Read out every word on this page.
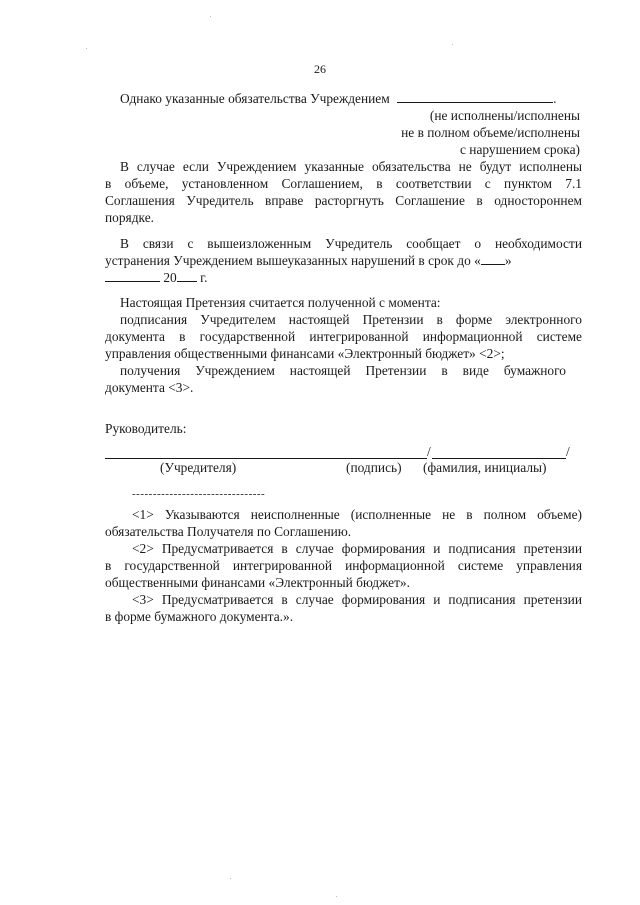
26
Однако указанные обязательства Учреждением	.
(не исполнены/исполнены
не в полном объеме/исполнены
с нарушением срока)
В случае если Учреждением указанные обязательства не будут исполнены
в объеме, установленном Соглашением, в соответствии с пунктом 7.1
Соглашения Учредитель вправе расторгнуть Соглашение в одностороннем
порядке.
В связи с вышеизложенным Учредитель сообщает о необходимости
устранения Учреждением вышеуказанных нарушений в срок до « »
20 г.
Настоящая Претензия считается полученной с момента:
подписания Учредителем настоящей Претензии в форме электронного
документа в государственной интегрированной информационной системе
управления общественными финансами «Электронный бюджет» <2>;
получения Учреждением настоящей Претензии в виде бумажного
документа <3>.
Руководитель:
/	/
(Учредителя)	(подпись) (фамилия, инициалы)
--------------------------------
<1> Указываются неисполненные (исполненные не в полном объеме)
обязательства Получателя по Соглашению.
<2> Предусматривается в случае формирования и подписания претензии
в государственной интегрированной информационной системе управления
общественными финансами «Электронный бюджет».
<3> Предусматривается в случае формирования и подписания претензии
в форме бумажного документа.».
